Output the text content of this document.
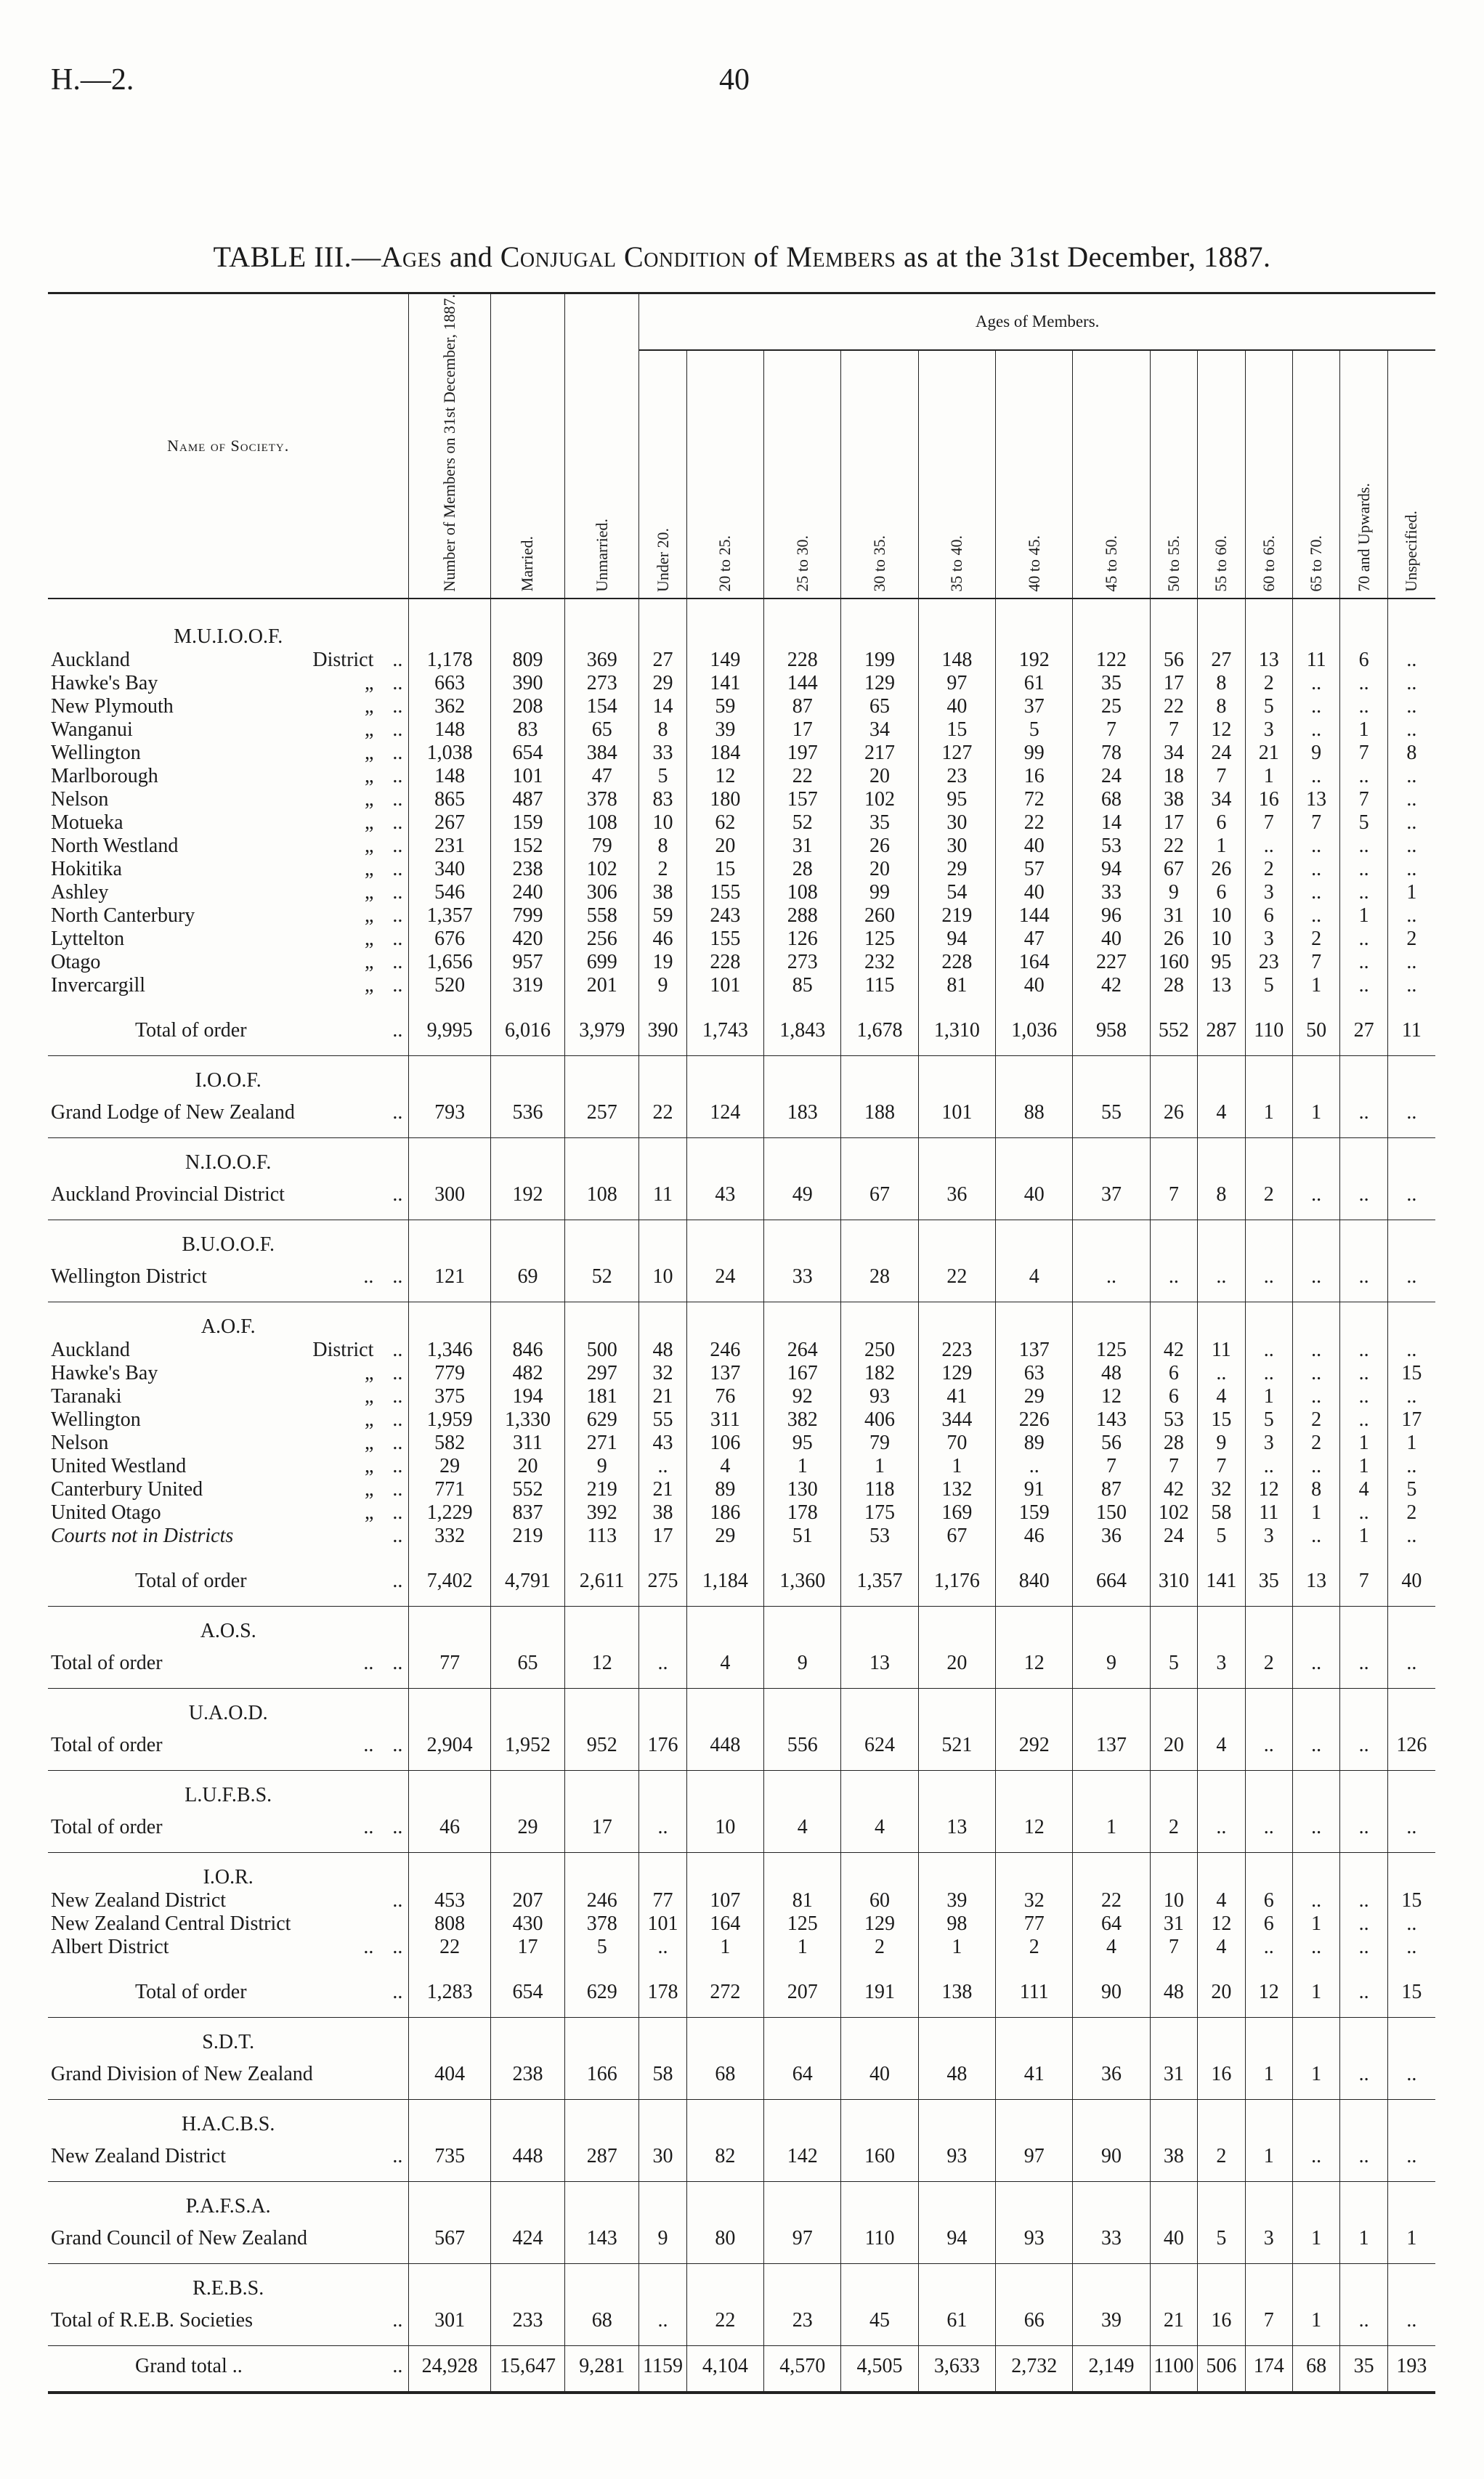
H.—2.	40
TABLE III.—Ages and Conjugal Condition of Members as at the 31st December, 1887.
Name of Society.	Number of Members on 31st December, 1887.	Married.	Unmarried.	Ages of Members.												

				Under 20.	20 to 25.	25 to 30.	30 to 35.	35 to 40.	40 to 45.	45 to 50.	50 to 55.	55 to 60.	60 to 65.	65 to 70.	70 and Upwards.	Unspecified.

M.U.I.O.O.F.																

Auckland District ..	1,178	809	369	27	149	228	199	148	192	122	56	27	13	11	6	..

Hawke's Bay „ ..	663	390	273	29	141	144	129	97	61	35	17	8	2	..	..	..

New Plymouth „ ..	362	208	154	14	59	87	65	40	37	25	22	8	5	..	..	..

Wanganui „ ..	148	83	65	8	39	17	34	15	5	7	7	12	3	..	1	..

Wellington „ ..	1,038	654	384	33	184	197	217	127	99	78	34	24	21	9	7	8

Marlborough „ ..	148	101	47	5	12	22	20	23	16	24	18	7	1	..	..	..

Nelson „ ..	865	487	378	83	180	157	102	95	72	68	38	34	16	13	7	..

Motueka „ ..	267	159	108	10	62	52	35	30	22	14	17	6	7	7	5	..

North Westland „ ..	231	152	79	8	20	31	26	30	40	53	22	1	..	..	..	..

Hokitika „ ..	340	238	102	2	15	28	20	29	57	94	67	26	2	..	..	..

Ashley „ ..	546	240	306	38	155	108	99	54	40	33	9	6	3	..	..	1

North Canterbury „ ..	1,357	799	558	59	243	288	260	219	144	96	31	10	6	..	1	..

Lyttelton „ ..	676	420	256	46	155	126	125	94	47	40	26	10	3	2	..	2

Otago „ ..	1,656	957	699	19	228	273	232	228	164	227	160	95	23	7	..	..

Invercargill „ ..	520	319	201	9	101	85	115	81	40	42	28	13	5	1	..	..

Total of order ..	9,995	6,016	3,979	390	1,743	1,843	1,678	1,310	1,036	958	552	287	110	50	27	11
I.O.O.F.																

Grand Lodge of New Zealand ..	793	536	257	22	124	183	188	101	88	55	26	4	1	1	..	..
N.I.O.O.F.																

Auckland Provincial District ..	300	192	108	11	43	49	67	36	40	37	7	8	2	..	..	..
B.U.O.O.F.																

Wellington District .. ..	121	69	52	10	24	33	28	22	4	..	..	..	..	..	..	..
A.O.F.																

Auckland District ..	1,346	846	500	48	246	264	250	223	137	125	42	11	..	..	..	..

Hawke's Bay „ ..	779	482	297	32	137	167	182	129	63	48	6	..	..	..	..	15

Taranaki „ ..	375	194	181	21	76	92	93	41	29	12	6	4	1	..	..	..

Wellington „ ..	1,959	1,330	629	55	311	382	406	344	226	143	53	15	5	2	..	17

Nelson „ ..	582	311	271	43	106	95	79	70	89	56	28	9	3	2	1	1

United Westland „ ..	29	20	9	..	4	1	1	1	..	7	7	7	..	..	1	..

Canterbury United „ ..	771	552	219	21	89	130	118	132	91	87	42	32	12	8	4	5

United Otago „ ..	1,229	837	392	38	186	178	175	169	159	150	102	58	11	1	..	2

Courts not in Districts ..	332	219	113	17	29	51	53	67	46	36	24	5	3	..	1	..

Total of order ..	7,402	4,791	2,611	275	1,184	1,360	1,357	1,176	840	664	310	141	35	13	7	40
A.O.S.																

Total of order .. ..	77	65	12	..	4	9	13	20	12	9	5	3	2	..	..	..
U.A.O.D.																

Total of order .. ..	2,904	1,952	952	176	448	556	624	521	292	137	20	4	..	..	..	126
L.U.F.B.S.																

Total of order .. ..	46	29	17	..	10	4	4	13	12	1	2	..	..	..	..	..
I.O.R.																

New Zealand District ..	453	207	246	77	107	81	60	39	32	22	10	4	6	..	..	15

New Zealand Central District	808	430	378	101	164	125	129	98	77	64	31	12	6	1	..	..

Albert District .. ..	22	17	5	..	1	1	2	1	2	4	7	4	..	..	..	..

Total of order ..	1,283	654	629	178	272	207	191	138	111	90	48	20	12	1	..	15
S.D.T.																

Grand Division of New Zealand	404	238	166	58	68	64	40	48	41	36	31	16	1	1	..	..
H.A.C.B.S.																

New Zealand District ..	735	448	287	30	82	142	160	93	97	90	38	2	1	..	..	..
P.A.F.S.A.																

Grand Council of New Zealand	567	424	143	9	80	97	110	94	93	33	40	5	3	1	1	1
R.E.B.S.																

Total of R.E.B. Societies ..	301	233	68	..	22	23	45	61	66	39	21	16	7	1	..	..

Grand total .. ..	24,928	15,647	9,281	1159	4,104	4,570	4,505	3,633	2,732	2,149	1100	506	174	68	35	193
